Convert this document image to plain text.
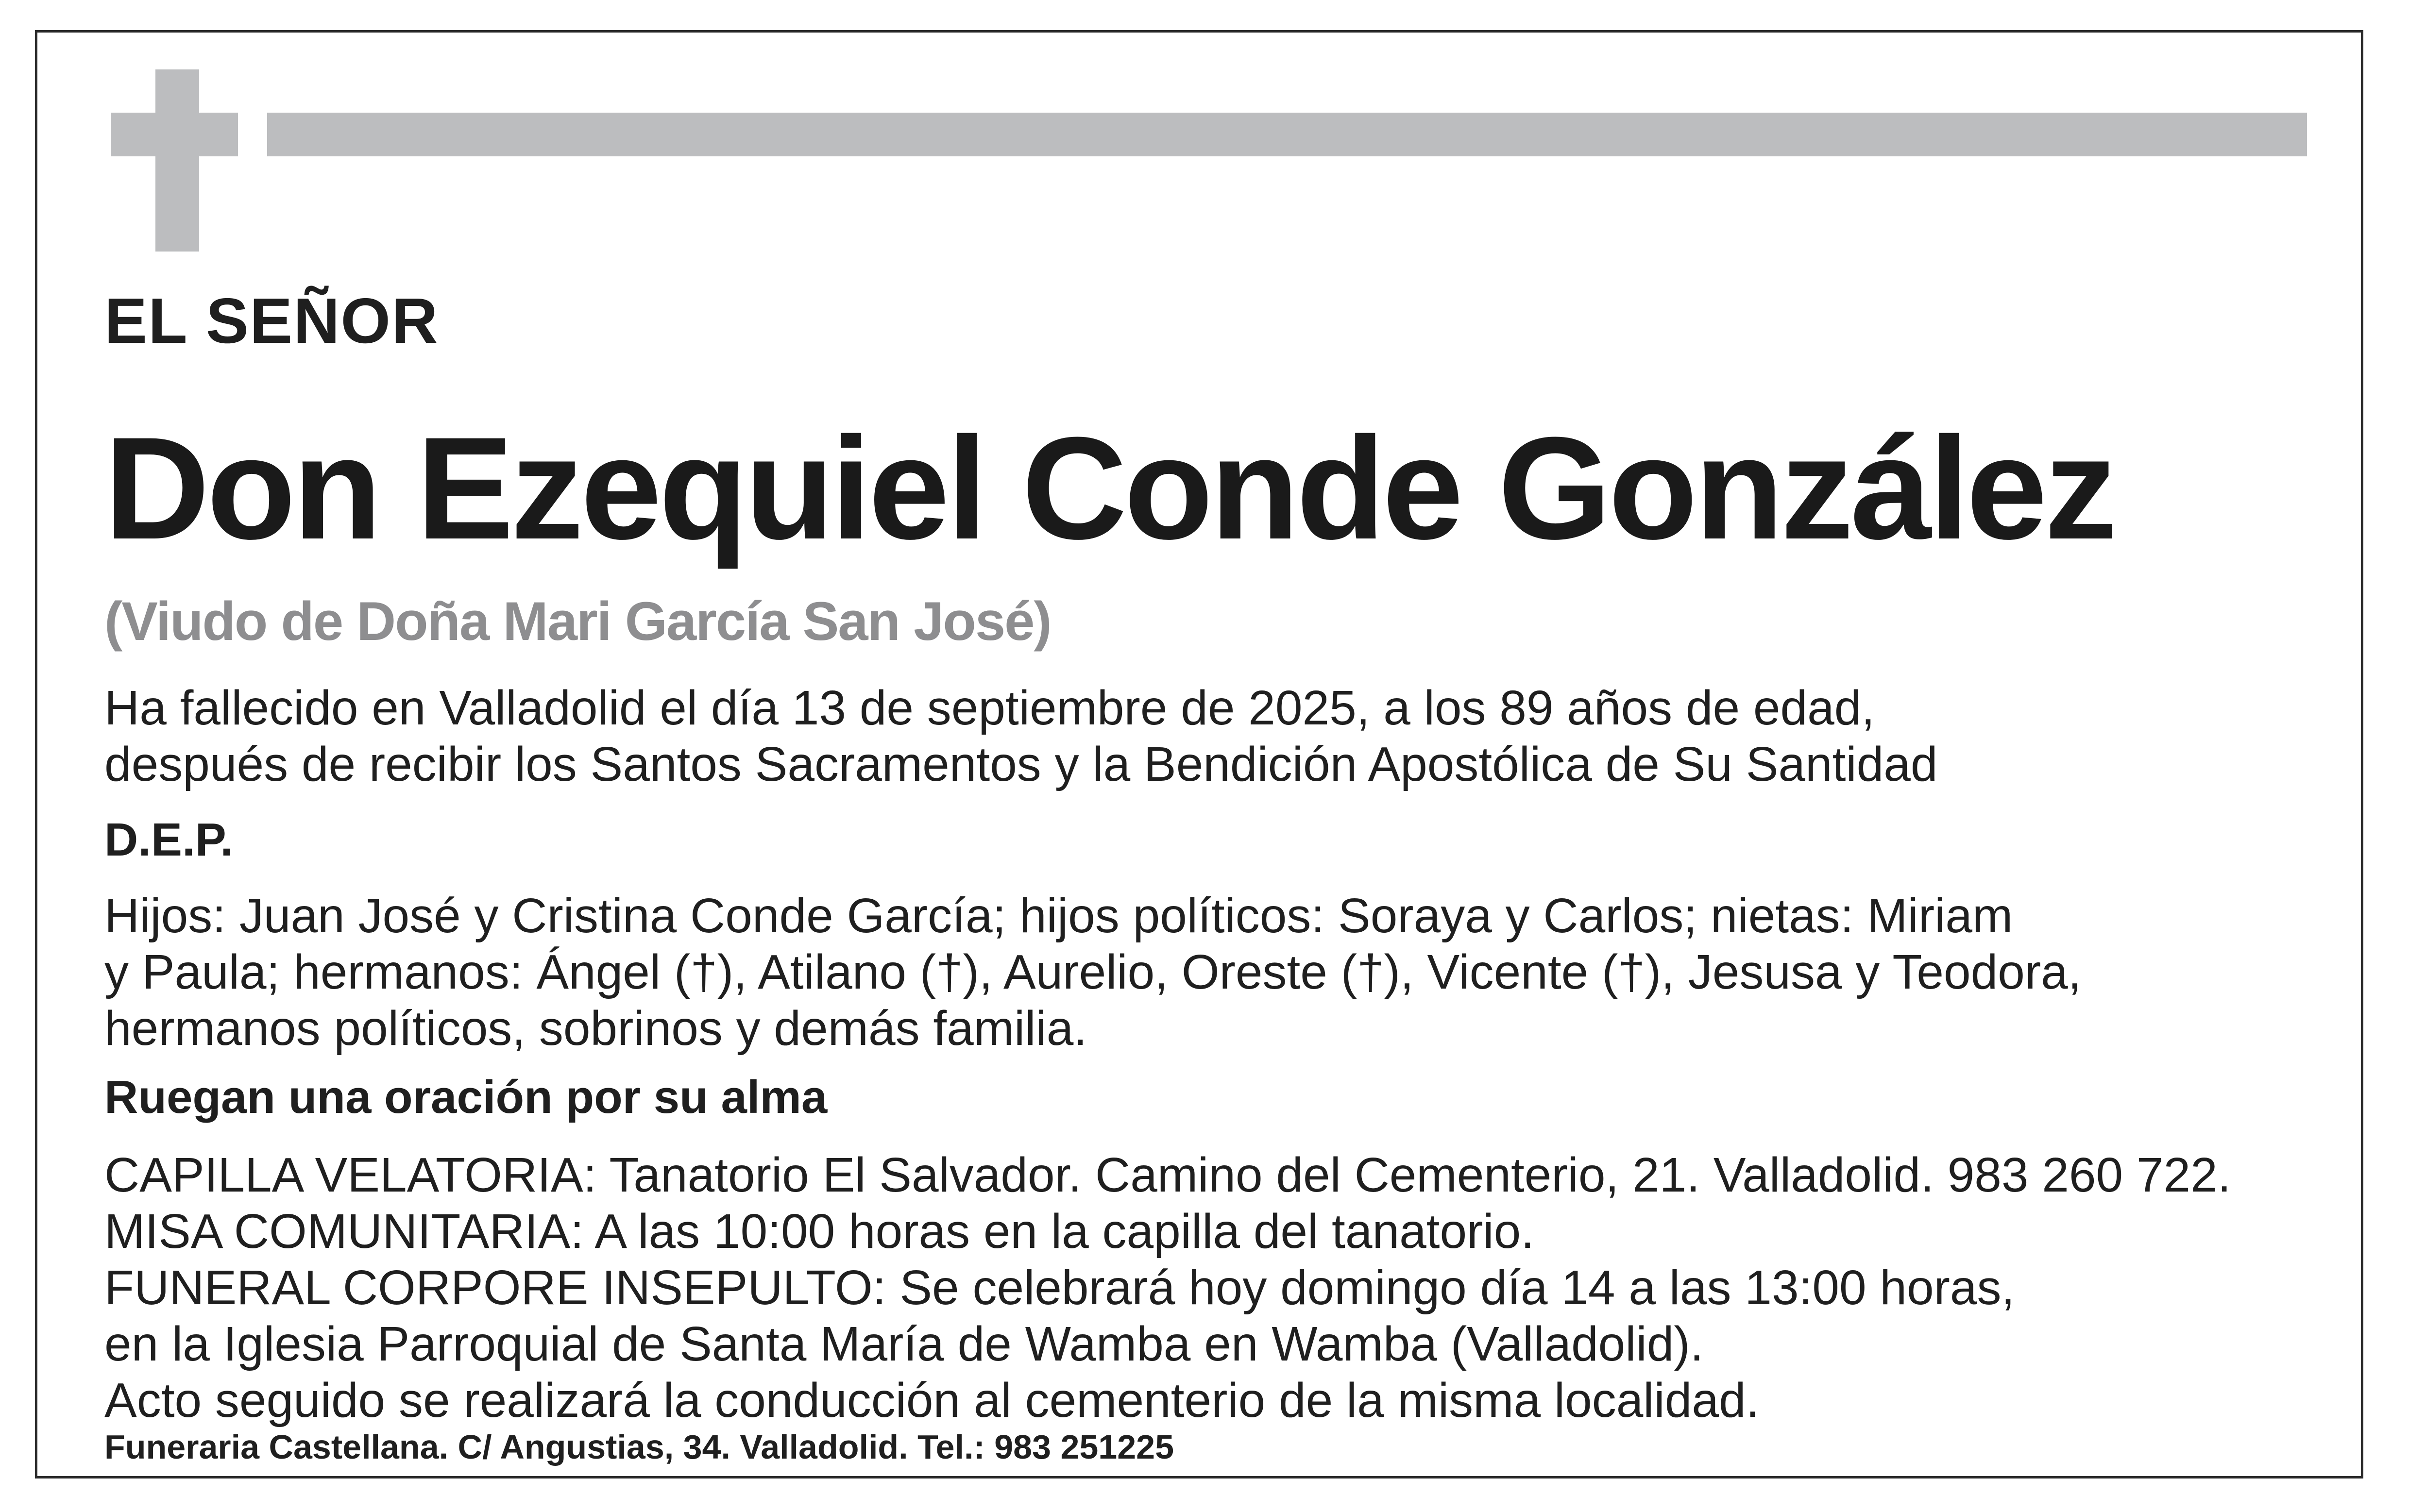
EL SEÑOR
Don Ezequiel Conde González
(Viudo de Doña Mari García San José)
Ha fallecido en Valladolid el día 13 de septiembre de 2025, a los 89 años de edad,
después de recibir los Santos Sacramentos y la Bendición Apostólica de Su Santidad
D.E.P.
Hijos: Juan José y Cristina Conde García; hijos políticos: Soraya y Carlos; nietas: Miriam
y Paula; hermanos: Ángel (†), Atilano (†), Aurelio, Oreste (†), Vicente (†), Jesusa y Teodora,
hermanos políticos, sobrinos y demás familia.
Ruegan una oración por su alma
CAPILLA VELATORIA: Tanatorio El Salvador. Camino del Cementerio, 21. Valladolid. 983 260 722.
MISA COMUNITARIA: A las 10:00 horas en la capilla del tanatorio.
FUNERAL CORPORE INSEPULTO: Se celebrará hoy domingo día 14 a las 13:00 horas,
en la Iglesia Parroquial de Santa María de Wamba en Wamba (Valladolid).
Acto seguido se realizará la conducción al cementerio de la misma localidad.
Funeraria Castellana. C/ Angustias, 34. Valladolid. Tel.: 983 251225
